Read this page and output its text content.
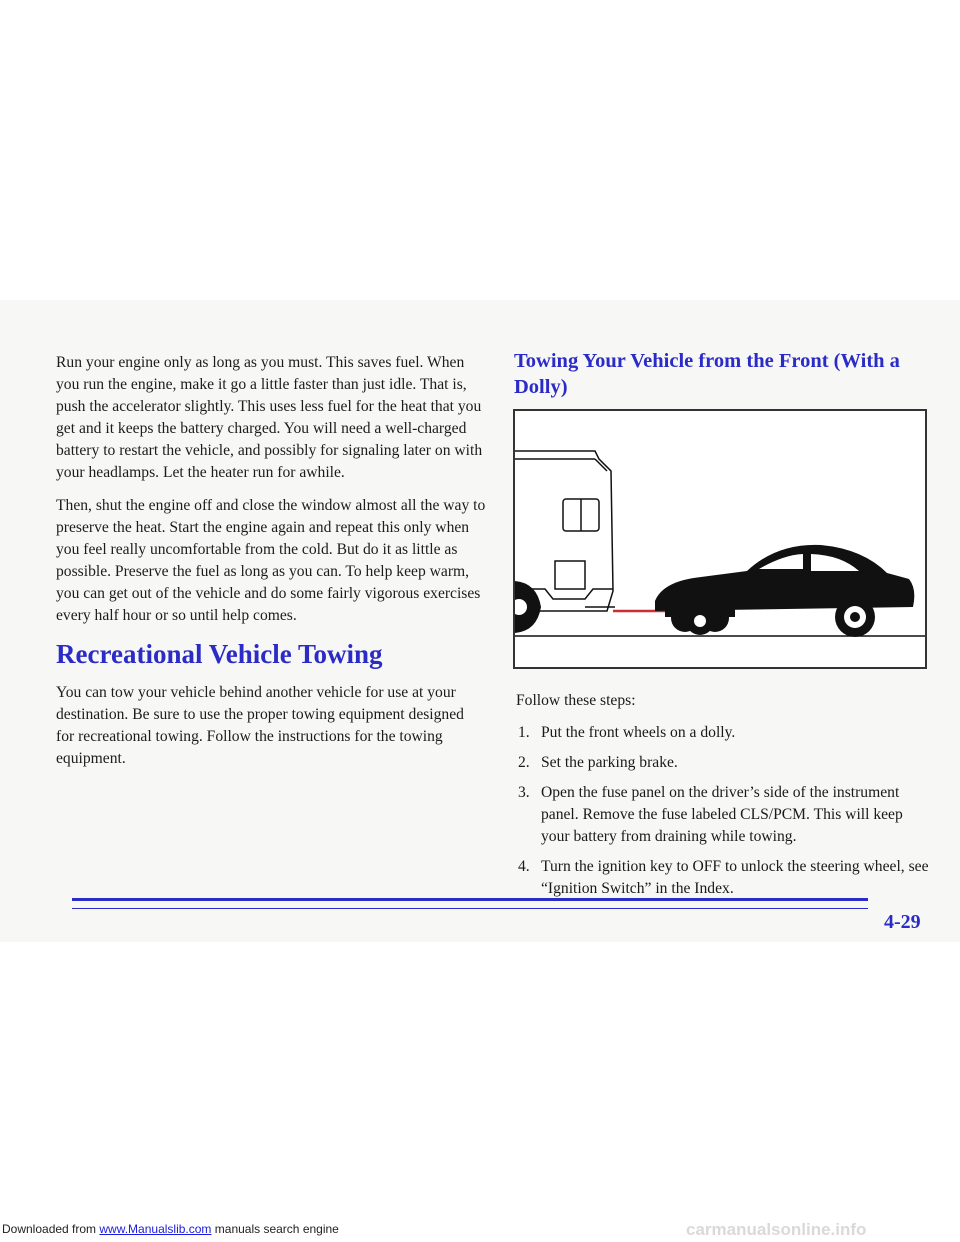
Run your engine only as long as you must. This saves fuel. When you run the engine, make it go a little faster than just idle. That is, push the accelerator slightly. This uses less fuel for the heat that you get and it keeps the battery charged. You will need a well-charged battery to restart the vehicle, and possibly for signaling later on with your headlamps. Let the heater run for awhile.

Then, shut the engine off and close the window almost all the way to preserve the heat. Start the engine again and repeat this only when you feel really uncomfortable from the cold. But do it as little as possible. Preserve the fuel as long as you can. To help keep warm, you can get out of the vehicle and do some fairly vigorous exercises every half hour or so until help comes.

Recreational Vehicle Towing

You can tow your vehicle behind another vehicle for use at your destination. Be sure to use the proper towing equipment designed for recreational towing. Follow the instructions for the towing equipment.

Towing Your Vehicle from the Front (With a Dolly)

Follow these steps:

1. Put the front wheels on a dolly.
2. Set the parking brake.
3. Open the fuse panel on the driver’s side of the instrument panel. Remove the fuse labeled CLS/PCM. This will keep your battery from draining while towing.
4. Turn the ignition key to OFF to unlock the steering wheel, see “Ignition Switch” in the Index.
4-29
Downloaded from www.Manualslib.com manuals search engine	carmanualsonline.info
